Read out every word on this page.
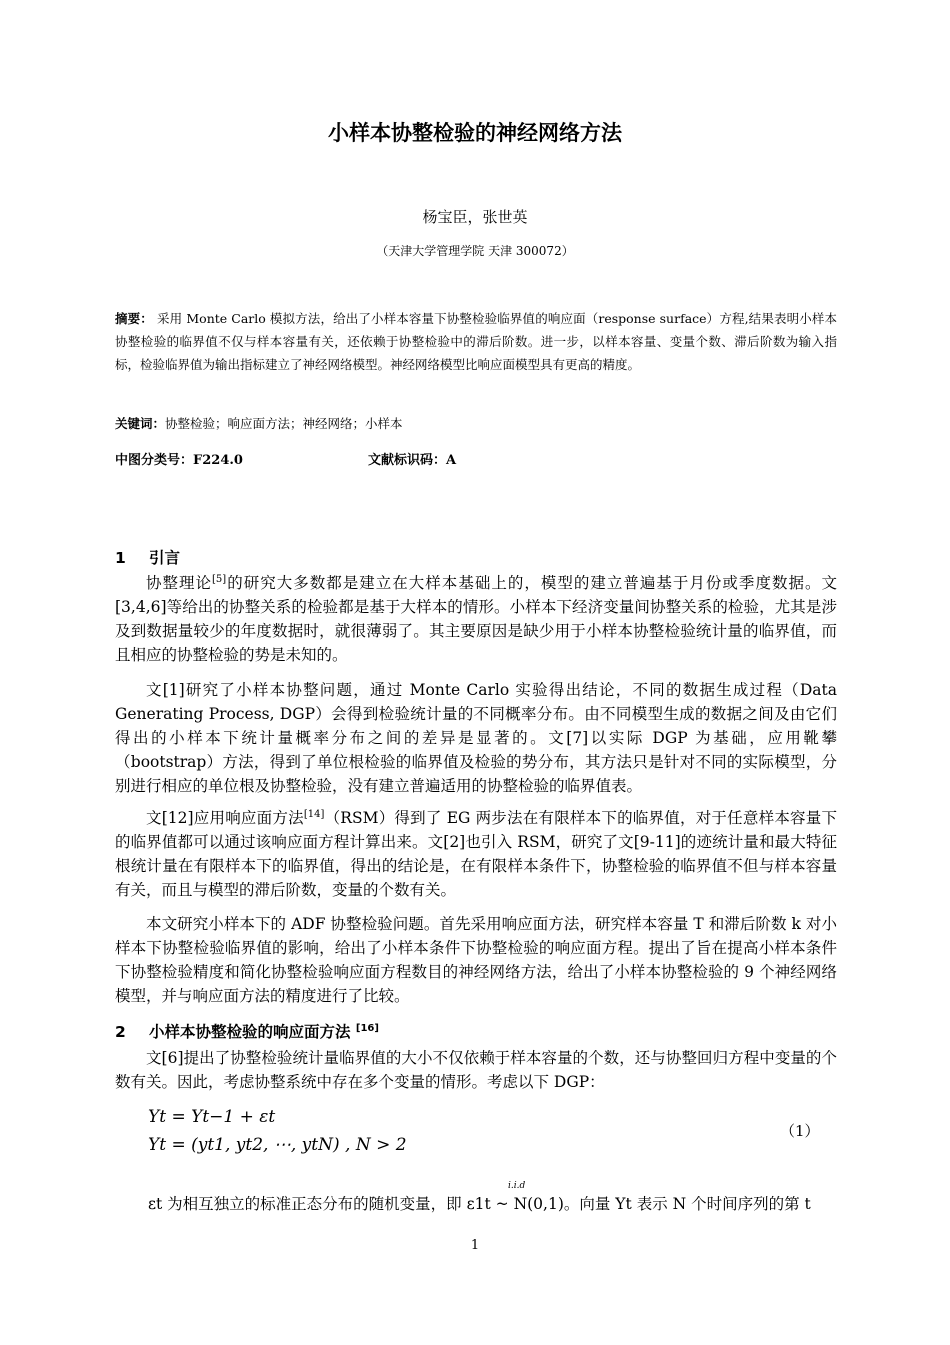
小样本协整检验的神经网络方法
杨宝臣，张世英
（天津大学管理学院 天津 300072）
摘要： 采用 Monte Carlo 模拟方法，给出了小样本容量下协整检验临界值的响应面（response surface）方程,结果表明小样本协整检验的临界值不仅与样本容量有关，还依赖于协整检验中的滞后阶数。进一步，以样本容量、变量个数、滞后阶数为输入指标，检验临界值为输出指标建立了神经网络模型。神经网络模型比响应面模型具有更高的精度。
关键词：协整检验；响应面方法；神经网络；小样本
中图分类号：F224.0	文献标识码：A
1 引言
协整理论[5]的研究大多数都是建立在大样本基础上的，模型的建立普遍基于月份或季度数据。文[3,4,6]等给出的协整关系的检验都是基于大样本的情形。小样本下经济变量间协整关系的检验，尤其是涉及到数据量较少的年度数据时，就很薄弱了。其主要原因是缺少用于小样本协整检验统计量的临界值，而且相应的协整检验的势是未知的。
文[1]研究了小样本协整问题，通过 Monte Carlo 实验得出结论，不同的数据生成过程（Data Generating Process, DGP）会得到检验统计量的不同概率分布。由不同模型生成的数据之间及由它们得出的小样本下统计量概率分布之间的差异是显著的。文[7]以实际 DGP 为基础，应用靴攀（bootstrap）方法，得到了单位根检验的临界值及检验的势分布，其方法只是针对不同的实际模型，分别进行相应的单位根及协整检验，没有建立普遍适用的协整检验的临界值表。
文[12]应用响应面方法[14]（RSM）得到了 EG 两步法在有限样本下的临界值，对于任意样本容量下的临界值都可以通过该响应面方程计算出来。文[2]也引入 RSM，研究了文[9-11]的迹统计量和最大特征根统计量在有限样本下的临界值，得出的结论是，在有限样本条件下，协整检验的临界值不但与样本容量有关，而且与模型的滞后阶数，变量的个数有关。
本文研究小样本下的 ADF 协整检验问题。首先采用响应面方法，研究样本容量 T 和滞后阶数 k 对小样本下协整检验临界值的影响，给出了小样本条件下协整检验的响应面方程。提出了旨在提高小样本条件下协整检验精度和简化协整检验响应面方程数目的神经网络方法，给出了小样本协整检验的 9 个神经网络模型，并与响应面方法的精度进行了比较。
2 小样本协整检验的响应面方法 [16]
文[6]提出了协整检验统计量临界值的大小不仅依赖于样本容量的个数，还与协整回归方程中变量的个数有关。因此，考虑协整系统中存在多个变量的情形。考虑以下 DGP：
Yt = Yt−1 + εt
Yt = (yt1, yt2, ⋯, ytN) , N > 2
（1）
i.i.d
εt 为相互独立的标准正态分布的随机变量，即 ε1t ~ N(0,1)。向量 Yt 表示 N 个时间序列的第 t
1
